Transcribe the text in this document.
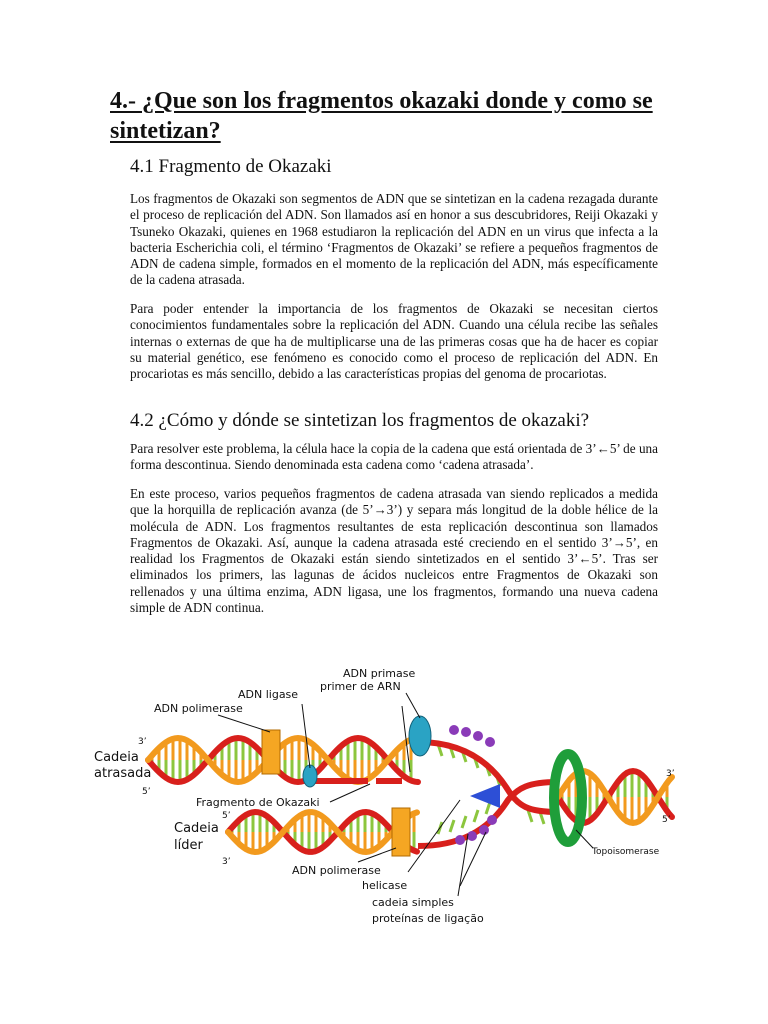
4.- ¿Que son los fragmentos okazaki donde y como se sintetizan?
4.1 Fragmento de Okazaki

Los fragmentos de Okazaki son segmentos de ADN que se sintetizan en la cadena rezagada durante el proceso de replicación del ADN. Son llamados así en honor a sus descubridores, Reiji Okazaki y Tsuneko Okazaki, quienes en 1968 estudiaron la replicación del ADN en un virus que infecta a la bacteria Escherichia coli, el término ‘Fragmentos de Okazaki’ se refiere a pequeños fragmentos de ADN de cadena simple, formados en el momento de la replicación del ADN, más específicamente de la cadena atrasada.

Para poder entender la importancia de los fragmentos de Okazaki se necesitan ciertos conocimientos fundamentales sobre la replicación del ADN. Cuando una célula recibe las señales internas o externas de que ha de multiplicarse una de las primeras cosas que ha de hacer es copiar su material genético, ese fenómeno es conocido como el proceso de replicación del ADN. En procariotas es más sencillo, debido a las características propias del genoma de procariotas.

4.2 ¿Cómo y dónde se sintetizan los fragmentos de okazaki?

Para resolver este problema, la célula hace la copia de la cadena que está orientada de 3’←5’ de una forma descontinua. Siendo denominada esta cadena como ‘cadena atrasada’.

En este proceso, varios pequeños fragmentos de cadena atrasada van siendo replicados a medida que la horquilla de replicación avanza (de 5’→3’) y separa más longitud de la doble hélice de la molécula de ADN. Los fragmentos resultantes de esta replicación descontinua son llamados Fragmentos de Okazaki. Así, aunque la cadena atrasada esté creciendo en el sentido 3’→5’, en realidad los Fragmentos de Okazaki están siendo sintetizados en el sentido 3’←5’. Tras ser eliminados los primers, las lagunas de ácidos nucleicos entre Fragmentos de Okazaki son rellenados y una última enzima, ADN ligasa, une los fragmentos, formando una nueva cadena simple de ADN continua.

ADN primase
primer de ARN
ADN ligase
ADN polimerase
Cadeia
atrasada
Fragmento de Okazaki
Cadeia
líder
ADN polimerase
helicase
cadeia simples
proteínas de ligação
Topoisomerase
3’
5’
5’
3’
3’
5’
